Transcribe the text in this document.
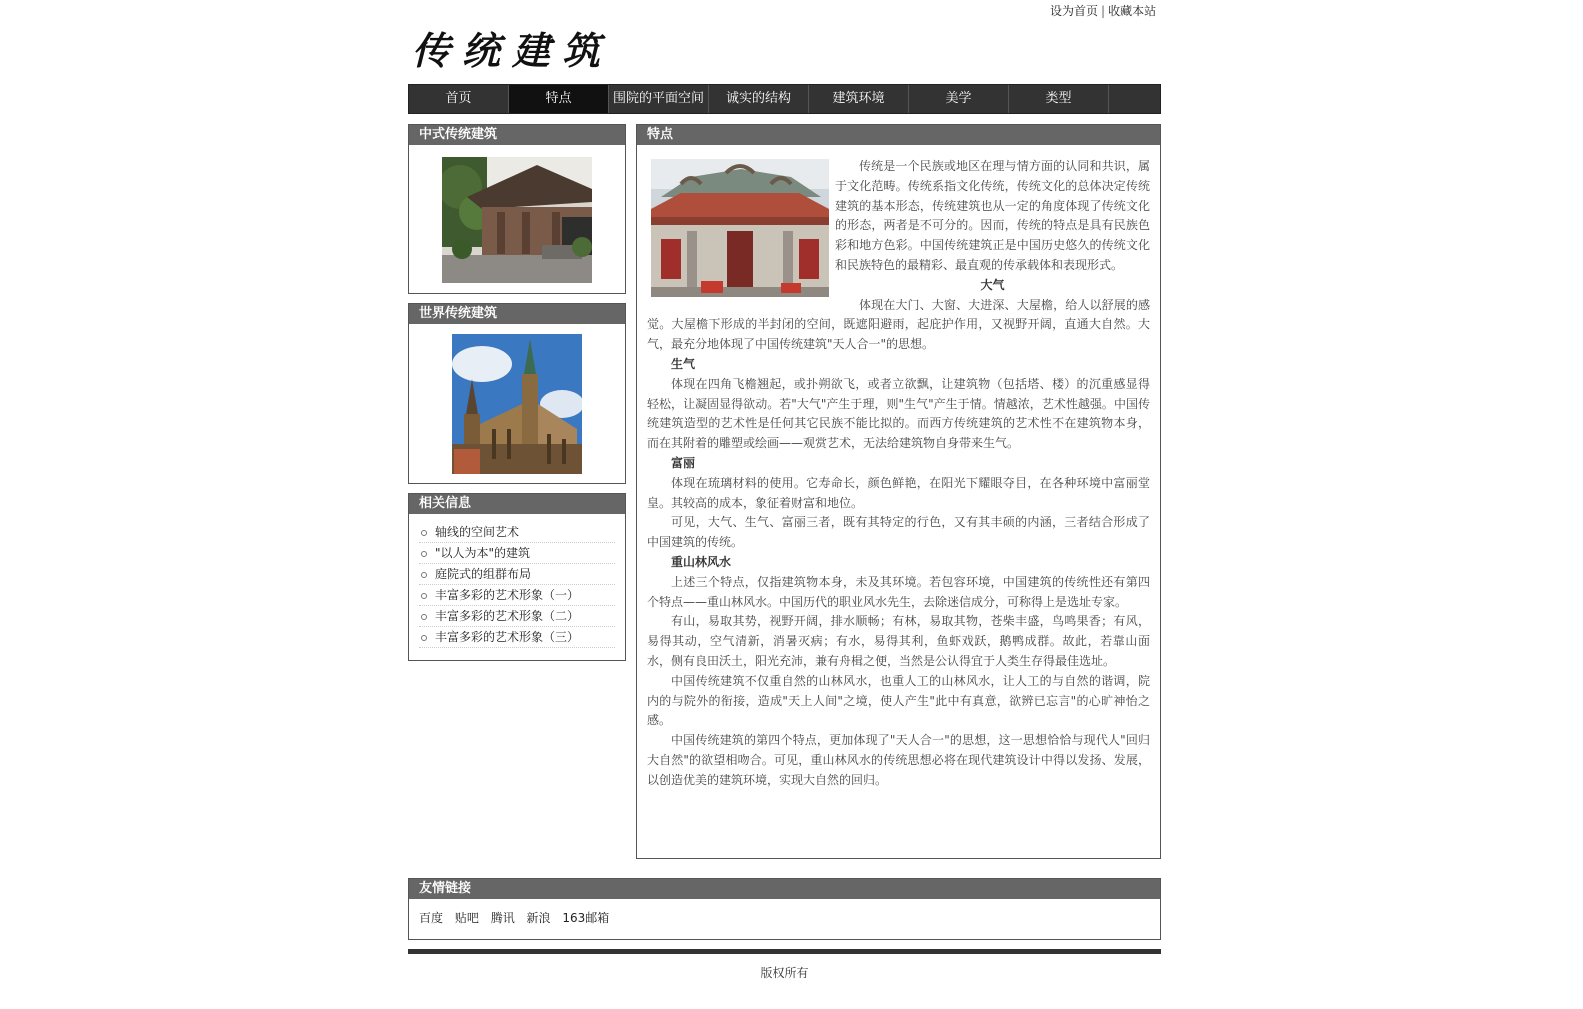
设为首页 | 收藏本站
传统建筑
首页	特点	围院的平面空间	诚实的结构	建筑环境	美学	类型
中式传统建筑
世界传统建筑
相关信息
轴线的空间艺术
"以人为本"的建筑
庭院式的组群布局
丰富多彩的艺术形象（一）
丰富多彩的艺术形象（二）
丰富多彩的艺术形象（三）
特点

传统是一个民族或地区在理与情方面的认同和共识，属于文化范畴。传统系指文化传统，传统文化的总体决定传统建筑的基本形态，传统建筑也从一定的角度体现了传统文化的形态，两者是不可分的。因而，传统的特点是具有民族色彩和地方色彩。中国传统建筑正是中国历史悠久的传统文化和民族特色的最精彩、最直观的传承载体和表现形式。

大气

体现在大门、大窗、大进深、大屋檐，给人以舒展的感觉。大屋檐下形成的半封闭的空间，既遮阳避雨，起庇护作用，又视野开阔，直通大自然。大气，最充分地体现了中国传统建筑"天人合一"的思想。

生气

体现在四角飞檐翘起，或扑朔欲飞，或者立欲飘，让建筑物（包括塔、楼）的沉重感显得轻松，让凝固显得欲动。若"大气"产生于理，则"生气"产生于情。情越浓，艺术性越强。中国传统建筑造型的艺术性是任何其它民族不能比拟的。而西方传统建筑的艺术性不在建筑物本身，而在其附着的雕塑或绘画——观赏艺术，无法给建筑物自身带来生气。

富丽

体现在琉璃材料的使用。它寿命长，颜色鲜艳，在阳光下耀眼夺目，在各种环境中富丽堂皇。其较高的成本，象征着财富和地位。

可见，大气、生气、富丽三者，既有其特定的行色，又有其丰硕的内涵，三者结合形成了中国建筑的传统。

重山林风水

上述三个特点，仅指建筑物本身，未及其环境。若包容环境，中国建筑的传统性还有第四个特点——重山林风水。中国历代的职业风水先生，去除迷信成分，可称得上是选址专家。

有山，易取其势，视野开阔，排水顺畅；有林，易取其物，苍柴丰盛，鸟鸣果香；有风，易得其动，空气清新，消暑灭病；有水，易得其利，鱼虾戏跃，鹅鸭成群。故此，若靠山面水，侧有良田沃土，阳光充沛，兼有舟楫之便，当然是公认得宜于人类生存得最佳选址。

中国传统建筑不仅重自然的山林风水，也重人工的山林风水，让人工的与自然的谐调，院内的与院外的衔接，造成"天上人间"之境，使人产生"此中有真意，欲辨已忘言"的心旷神怡之感。

中国传统建筑的第四个特点，更加体现了"天人合一"的思想，这一思想恰恰与现代人"回归大自然"的欲望相吻合。可见，重山林风水的传统思想必将在现代建筑设计中得以发扬、发展，以创造优美的建筑环境，实现大自然的回归。

友情链接
百度 贴吧 腾讯 新浪 163邮箱
版权所有
